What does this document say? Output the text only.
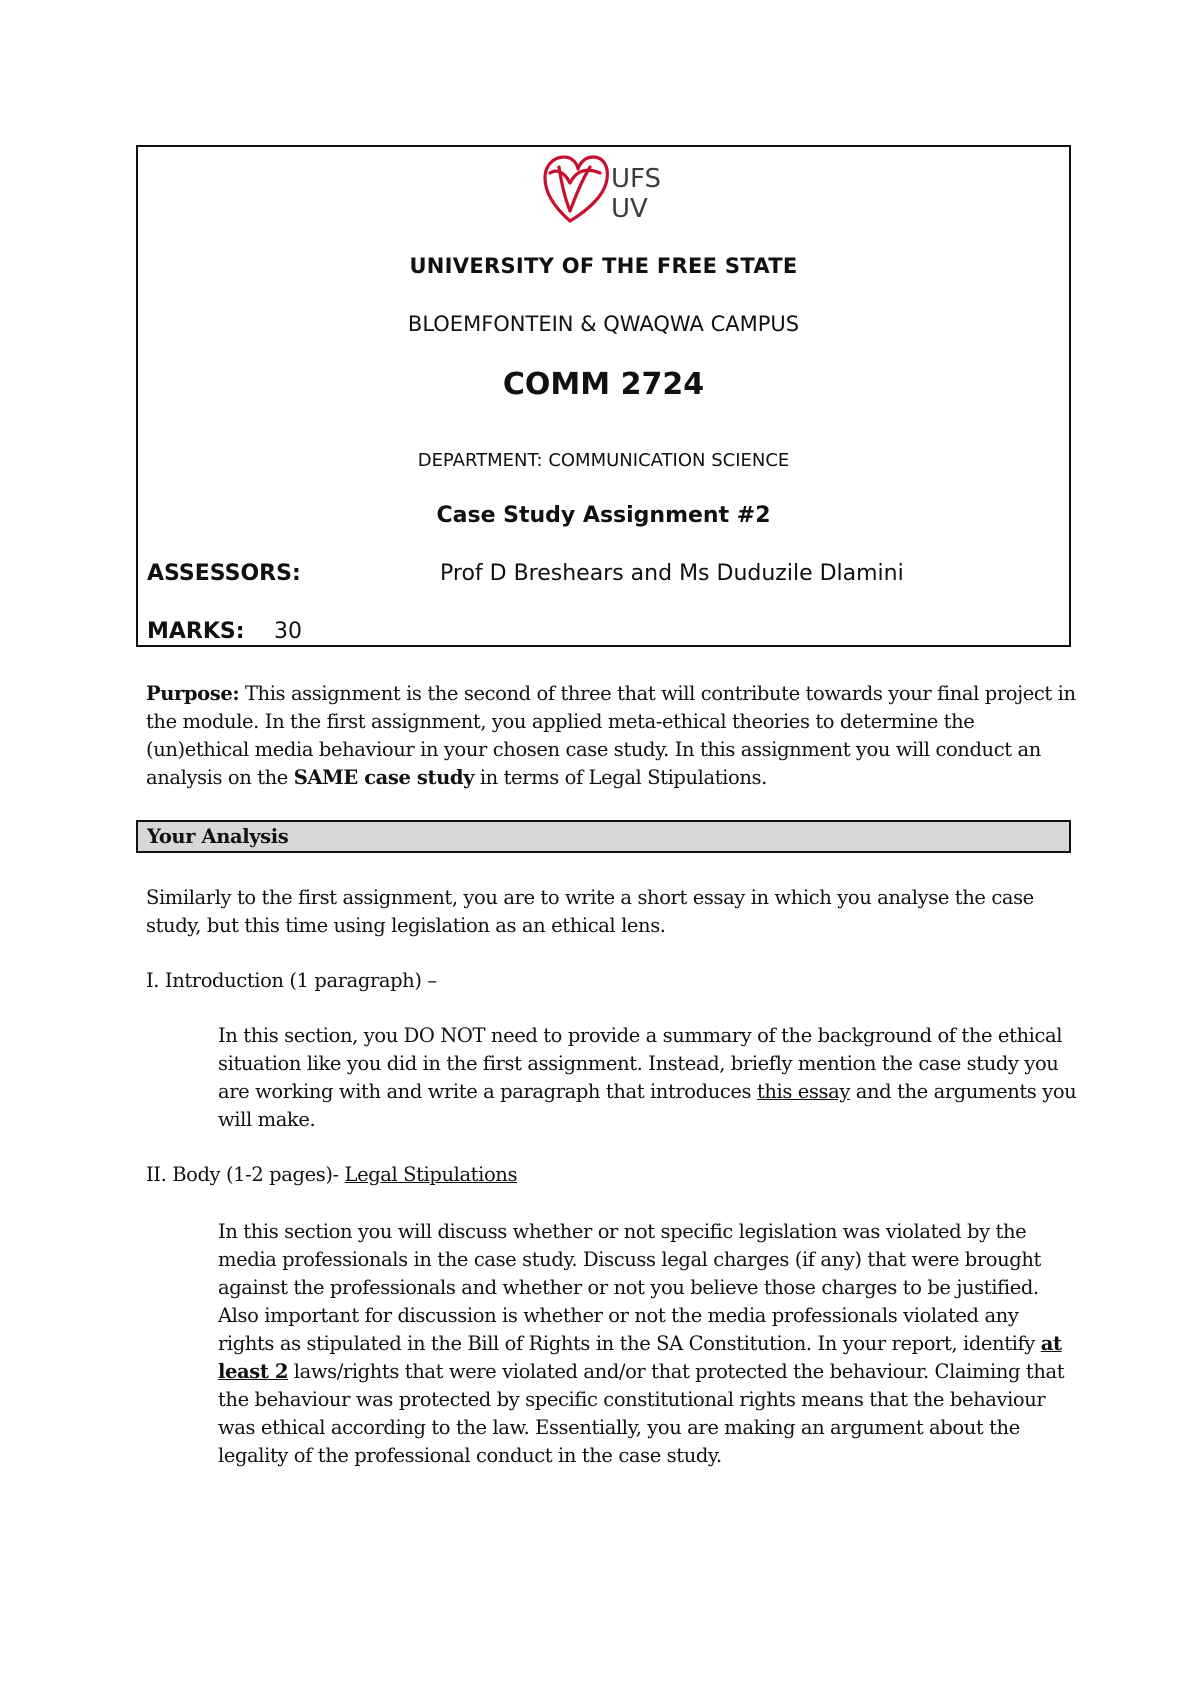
UFS
UV

UNIVERSITY OF THE FREE STATE

BLOEMFONTEIN & QWAQWA CAMPUS

COMM 2724

DEPARTMENT: COMMUNICATION SCIENCE

Case Study Assignment #2

ASSESSORS:	Prof D Breshears and Ms Duduzile Dlamini

MARKS: 30

Purpose: This assignment is the second of three that will contribute towards your final project in the module. In the first assignment, you applied meta-ethical theories to determine the (un)ethical media behaviour in your chosen case study. In this assignment you will conduct an analysis on the SAME case study in terms of Legal Stipulations.

Your Analysis

Similarly to the first assignment, you are to write a short essay in which you analyse the case study, but this time using legislation as an ethical lens.

I. Introduction (1 paragraph) –

In this section, you DO NOT need to provide a summary of the background of the ethical situation like you did in the first assignment. Instead, briefly mention the case study you are working with and write a paragraph that introduces this essay and the arguments you will make.

II. Body (1-2 pages)- Legal Stipulations

In this section you will discuss whether or not specific legislation was violated by the media professionals in the case study. Discuss legal charges (if any) that were brought against the professionals and whether or not you believe those charges to be justified. Also important for discussion is whether or not the media professionals violated any rights as stipulated in the Bill of Rights in the SA Constitution. In your report, identify at least 2 laws/rights that were violated and/or that protected the behaviour. Claiming that the behaviour was protected by specific constitutional rights means that the behaviour was ethical according to the law. Essentially, you are making an argument about the legality of the professional conduct in the case study.
